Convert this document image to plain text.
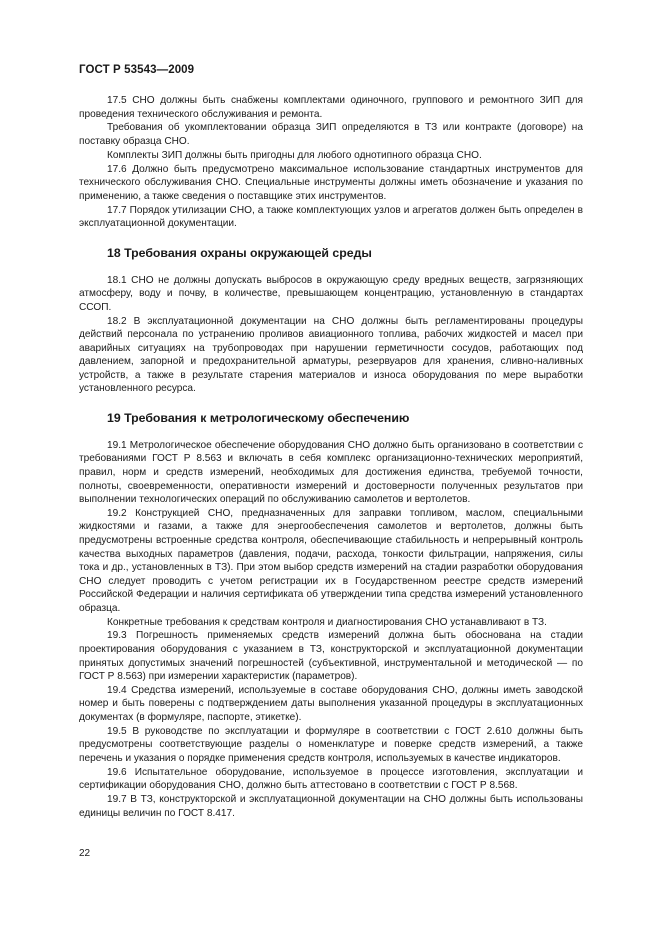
ГОСТ Р 53543—2009

17.5 СНО должны быть снабжены комплектами одиночного, группового и ремонтного ЗИП для проведения технического обслуживания и ремонта.

Требования об укомплектовании образца ЗИП определяются в ТЗ или контракте (договоре) на поставку образца СНО.

Комплекты ЗИП должны быть пригодны для любого однотипного образца СНО.

17.6 Должно быть предусмотрено максимальное использование стандартных инструментов для технического обслуживания СНО. Специальные инструменты должны иметь обозначение и указания по применению, а также сведения о поставщике этих инструментов.

17.7 Порядок утилизации СНО, а также комплектующих узлов и агрегатов должен быть определен в эксплуатационной документации.

18 Требования охраны окружающей среды

18.1 СНО не должны допускать выбросов в окружающую среду вредных веществ, загрязняющих атмосферу, воду и почву, в количестве, превышающем концентрацию, установленную в стандартах ССОП.

18.2 В эксплуатационной документации на СНО должны быть регламентированы процедуры действий персонала по устранению проливов авиационного топлива, рабочих жидкостей и масел при аварийных ситуациях на трубопроводах при нарушении герметичности сосудов, работающих под давлением, запорной и предохранительной арматуры, резервуаров для хранения, сливно-наливных устройств, а также в результате старения материалов и износа оборудования по мере выработки установленного ресурса.

19 Требования к метрологическому обеспечению

19.1 Метрологическое обеспечение оборудования СНО должно быть организовано в соответствии с требованиями ГОСТ Р 8.563 и включать в себя комплекс организационно-технических мероприятий, правил, норм и средств измерений, необходимых для достижения единства, требуемой точности, полноты, своевременности, оперативности измерений и достоверности полученных результатов при выполнении технологических операций по обслуживанию самолетов и вертолетов.

19.2 Конструкцией СНО, предназначенных для заправки топливом, маслом, специальными жидкостями и газами, а также для энергообеспечения самолетов и вертолетов, должны быть предусмотрены встроенные средства контроля, обеспечивающие стабильность и непрерывный контроль качества выходных параметров (давления, подачи, расхода, тонкости фильтрации, напряжения, силы тока и др., установленных в ТЗ). При этом выбор средств измерений на стадии разработки оборудования СНО следует проводить с учетом регистрации их в Государственном реестре средств измерений Российской Федерации и наличия сертификата об утверждении типа средства измерений установленного образца.

Конкретные требования к средствам контроля и диагностирования СНО устанавливают в ТЗ.

19.3 Погрешность применяемых средств измерений должна быть обоснована на стадии проектирования оборудования с указанием в ТЗ, конструкторской и эксплуатационной документации принятых допустимых значений погрешностей (субъективной, инструментальной и методической — по ГОСТ Р 8.563) при измерении характеристик (параметров).

19.4 Средства измерений, используемые в составе оборудования СНО, должны иметь заводской номер и быть поверены с подтверждением даты выполнения указанной процедуры в эксплуатационных документах (в формуляре, паспорте, этикетке).

19.5 В руководстве по эксплуатации и формуляре в соответствии с ГОСТ 2.610 должны быть предусмотрены соответствующие разделы о номенклатуре и поверке средств измерений, а также перечень и указания о порядке применения средств контроля, используемых в качестве индикаторов.

19.6 Испытательное оборудование, используемое в процессе изготовления, эксплуатации и сертификации оборудования СНО, должно быть аттестовано в соответствии с ГОСТ Р 8.568.

19.7 В ТЗ, конструкторской и эксплуатационной документации на СНО должны быть использованы единицы величин по ГОСТ 8.417.

22
